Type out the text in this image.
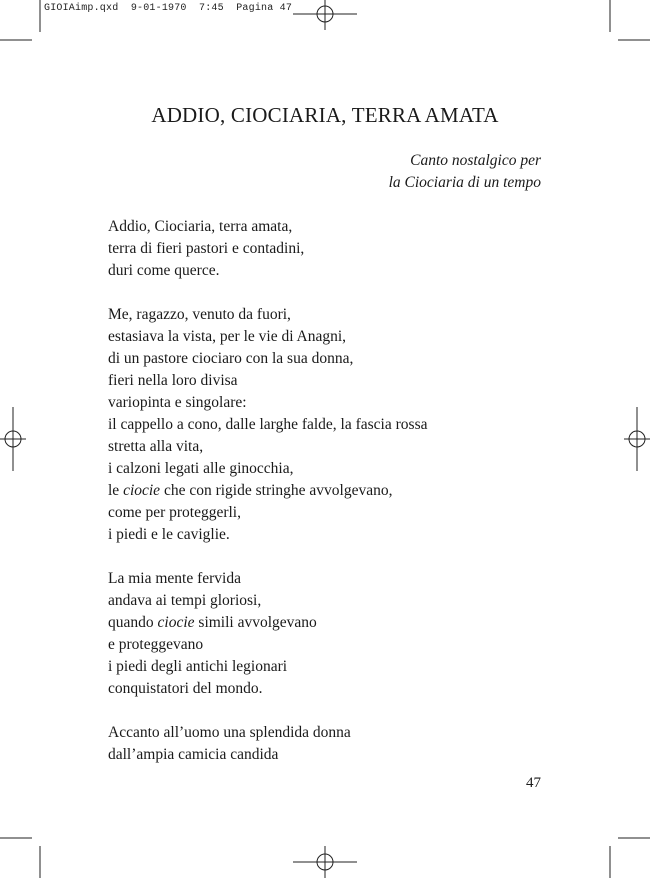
GIOIAimp.qxd  9-01-1970  7:45  Pagina 47
ADDIO, CIOCIARIA, TERRA AMATA
Canto nostalgico per
la Ciociaria di un tempo
Addio, Ciociaria, terra amata,
terra di fieri pastori e contadini,
duri come querce.
Me, ragazzo, venuto da fuori,
estasiava la vista, per le vie di Anagni,
di un pastore ciociaro con la sua donna,
fieri nella loro divisa
variopinta e singolare:
il cappello a cono, dalle larghe falde, la fascia rossa
stretta alla vita,
i calzoni legati alle ginocchia,
le ciocie che con rigide stringhe avvolgevano,
come per proteggerli,
i piedi e le caviglie.
La mia mente fervida
andava ai tempi gloriosi,
quando ciocie simili avvolgevano
e proteggevano
i piedi degli antichi legionari
conquistatori del mondo.
Accanto all’uomo una splendida donna
dall’ampia camicia candida
47
